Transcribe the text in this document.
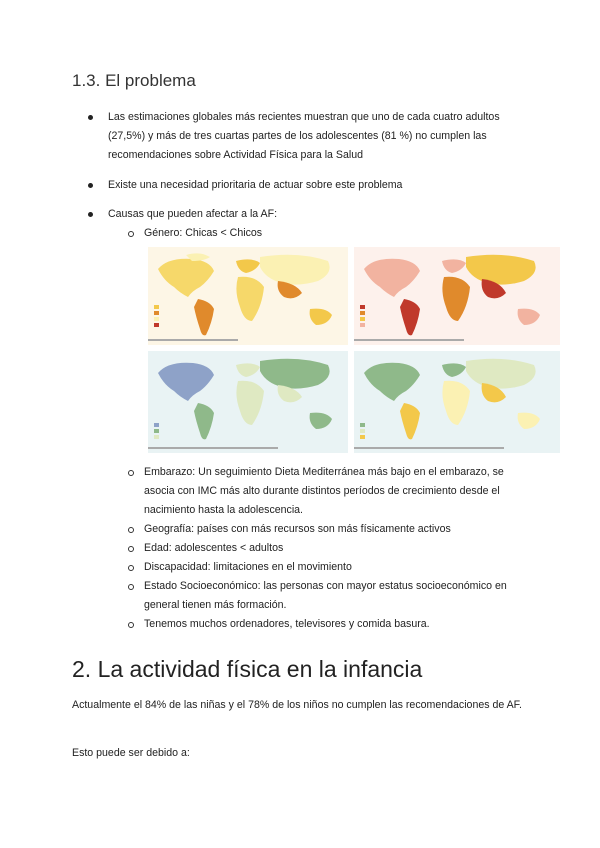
1.3. El problema
Las estimaciones globales más recientes muestran que uno de cada cuatro adultos (27,5%) y más de tres cuartas partes de los adolescentes (81 %) no cumplen las recomendaciones sobre Actividad Física para la Salud
Existe una necesidad prioritaria de actuar sobre este problema
Causas que pueden afectar a la AF:
Género: Chicas < Chicos
Embarazo: Un seguimiento Dieta Mediterránea más bajo en el embarazo, se asocia con IMC más alto durante distintos períodos de crecimiento desde el nacimiento hasta la adolescencia.
Geografía: países con más recursos son más físicamente activos
Edad: adolescentes < adultos
Discapacidad: limitaciones en el movimiento
Estado Socioeconómico: las personas con mayor estatus socioeconómico en general tienen más formación.
Tenemos muchos ordenadores, televisores y comida basura.
2. La actividad física en la infancia

Actualmente el 84% de las niñas y el 78% de los niños no cumplen las recomendaciones de AF.

Esto puede ser debido a:
